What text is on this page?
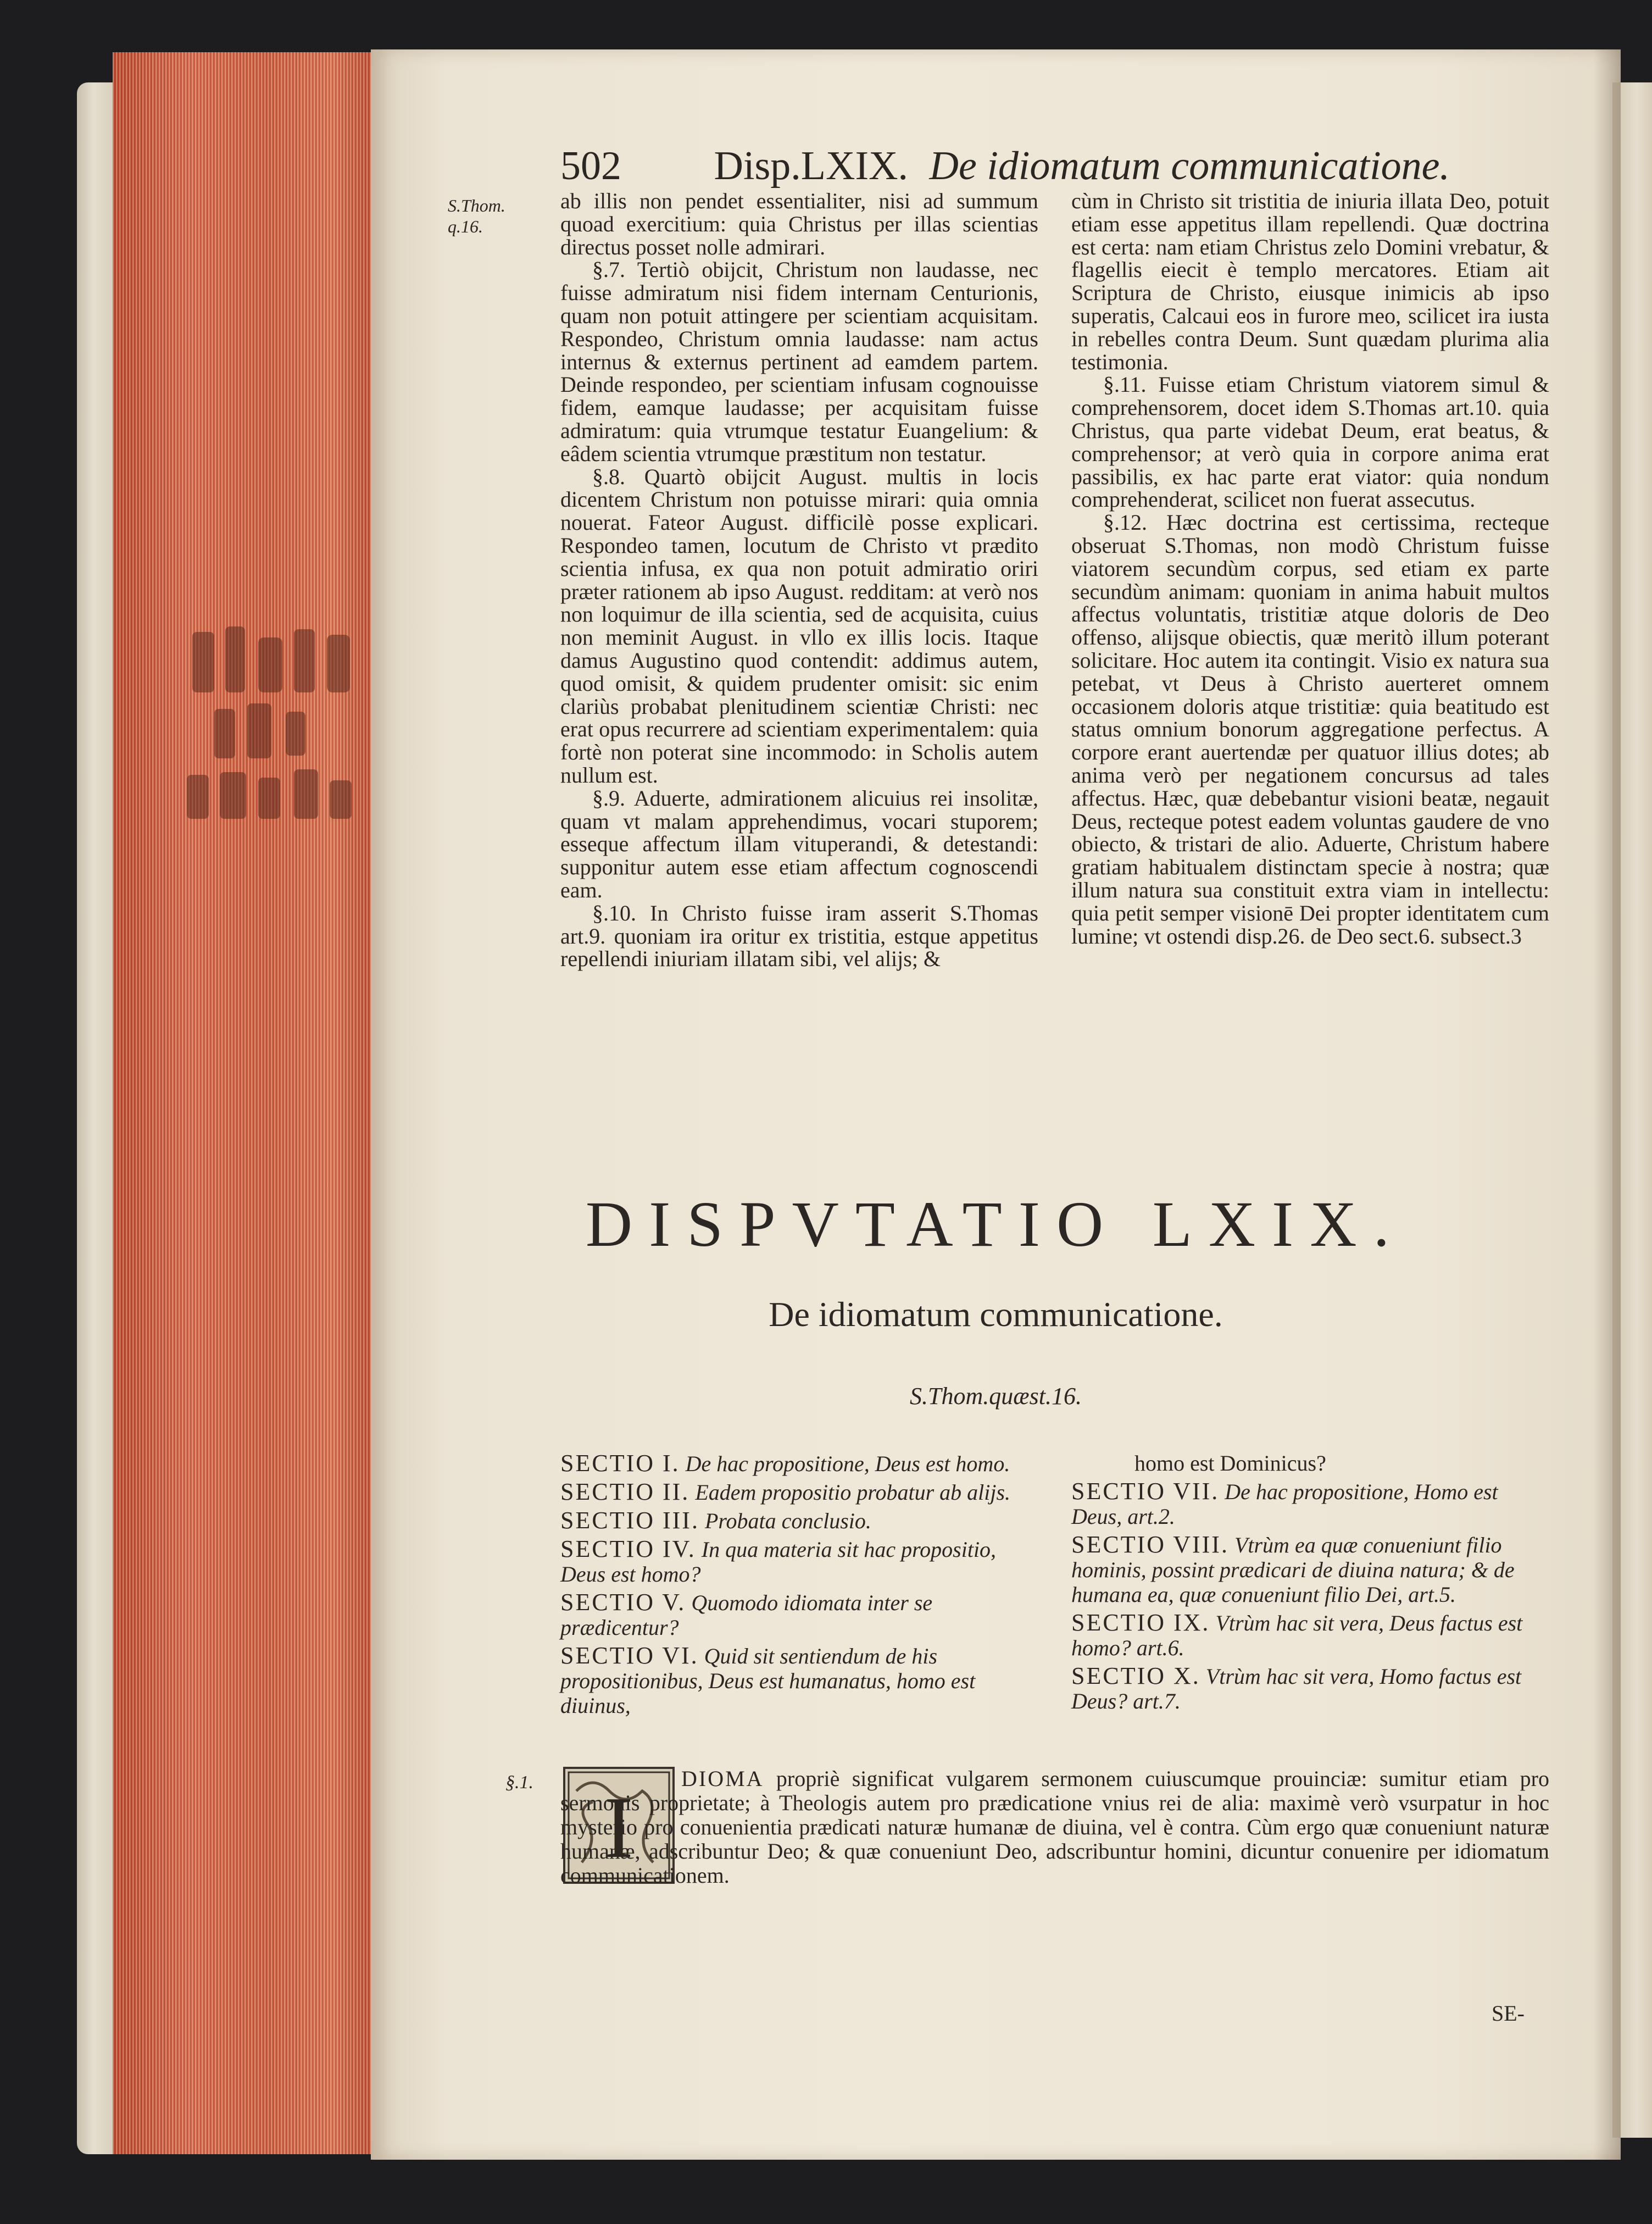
502 Disp.LXIX. De idiomatum communicatione.
S.Thom. q.16.

ab illis non pendet essentialiter, nisi ad summum quoad exercitium: quia Christus per illas scientias directus posset nolle admirari.

§.7. Tertiò obijcit, Christum non laudasse, nec fuisse admiratum nisi fidem internam Centurionis, quam non potuit attingere per scientiam acquisitam. Respondeo, Christum omnia laudasse: nam actus internus & externus pertinent ad eamdem partem. Deinde respondeo, per scientiam infusam cognouisse fidem, eamque laudasse; per acquisitam fuisse admiratum: quia vtrumque testatur Euangelium: & eâdem scientia vtrumque præstitum non testatur.

§.8. Quartò obijcit August. multis in locis dicentem Christum non potuisse mirari: quia omnia nouerat. Fateor August. difficilè posse explicari. Respondeo tamen, locutum de Christo vt prædito scientia infusa, ex qua non potuit admiratio oriri præter rationem ab ipso August. redditam: at verò nos non loquimur de illa scientia, sed de acquisita, cuius non meminit August. in vllo ex illis locis. Itaque damus Augustino quod contendit: addimus autem, quod omisit, & quidem prudenter omisit: sic enim clariùs probabat plenitudinem scientiæ Christi: nec erat opus recurrere ad scientiam experimentalem: quia fortè non poterat sine incommodo: in Scholis autem nullum est.

§.9. Aduerte, admirationem alicuius rei insolitæ, quam vt malam apprehendimus, vocari stuporem; esseque affectum illam vituperandi, & detestandi: supponitur autem esse etiam affectum cognoscendi eam.

§.10. In Christo fuisse iram asserit S.Thomas art.9. quoniam ira oritur ex tristitia, estque appetitus repellendi iniuriam illatam sibi, vel alijs; &

cùm in Christo sit tristitia de iniuria illata Deo, potuit etiam esse appetitus illam repellendi. Quæ doctrina est certa: nam etiam Christus zelo Domini vrebatur, & flagellis eiecit è templo mercatores. Etiam ait Scriptura de Christo, eiusque inimicis ab ipso superatis, Calcaui eos in furore meo, scilicet ira iusta in rebelles contra Deum. Sunt quædam plurima alia testimonia.

§.11. Fuisse etiam Christum viatorem simul & comprehensorem, docet idem S.Thomas art.10. quia Christus, qua parte videbat Deum, erat beatus, & comprehensor; at verò quia in corpore anima erat passibilis, ex hac parte erat viator: quia nondum comprehenderat, scilicet non fuerat assecutus.

§.12. Hæc doctrina est certissima, recteque obseruat S.Thomas, non modò Christum fuisse viatorem secundùm corpus, sed etiam ex parte secundùm animam: quoniam in anima habuit multos affectus voluntatis, tristitiæ atque doloris de Deo offenso, alijsque obiectis, quæ meritò illum poterant solicitare. Hoc autem ita contingit. Visio ex natura sua petebat, vt Deus à Christo auerteret omnem occasionem doloris atque tristitiæ: quia beatitudo est status omnium bonorum aggregatione perfectus. A corpore erant auertendæ per quatuor illius dotes; ab anima verò per negationem concursus ad tales affectus. Hæc, quæ debebantur visioni beatæ, negauit Deus, recteque potest eadem voluntas gaudere de vno obiecto, & tristari de alio. Aduerte, Christum habere gratiam habitualem distinctam specie à nostra; quæ illum natura sua constituit extra viam in intellectu: quia petit semper visionē Dei propter identitatem cum lumine; vt ostendi disp.26. de Deo sect.6. subsect.3

DISPVTATIO LXIX.
De idiomatum communicatione.
S.Thom.quæst.16.
SECTIO I. De hac propositione, Deus est homo.
SECTIO II. Eadem propositio probatur ab alijs.
SECTIO III. Probata conclusio.
SECTIO IV. In qua materia sit hac propositio, Deus est homo?
SECTIO V. Quomodo idiomata inter se prædicentur?
SECTIO VI. Quid sit sentiendum de his propositionibus, Deus est humanatus, homo est diuinus,
homo est Dominicus?
SECTIO VII. De hac propositione, Homo est Deus, art.2.
SECTIO VIII. Vtrùm ea quæ conueniunt filio hominis, possint prædicari de diuina natura; & de humana ea, quæ conueniunt filio Dei, art.5.
SECTIO IX. Vtrùm hac sit vera, Deus factus est homo? art.6.
SECTIO X. Vtrùm hac sit vera, Homo factus est Deus? art.7.
§.1. I	DIOMA propriè significat vulgarem sermonem cuiuscumque prouinciæ: sumitur etiam pro sermonis proprietate; à Theologis autem pro prædicatione vnius rei de alia: maximè verò vsurpatur in hoc mysterio pro conuenientia prædicati naturæ humanæ de diuina, vel è contra. Cùm ergo quæ conueniunt naturæ humanæ, adscribuntur Deo; & quæ conueniunt Deo, adscribuntur homini, dicuntur conuenire per idiomatum communicationem.
SE-
